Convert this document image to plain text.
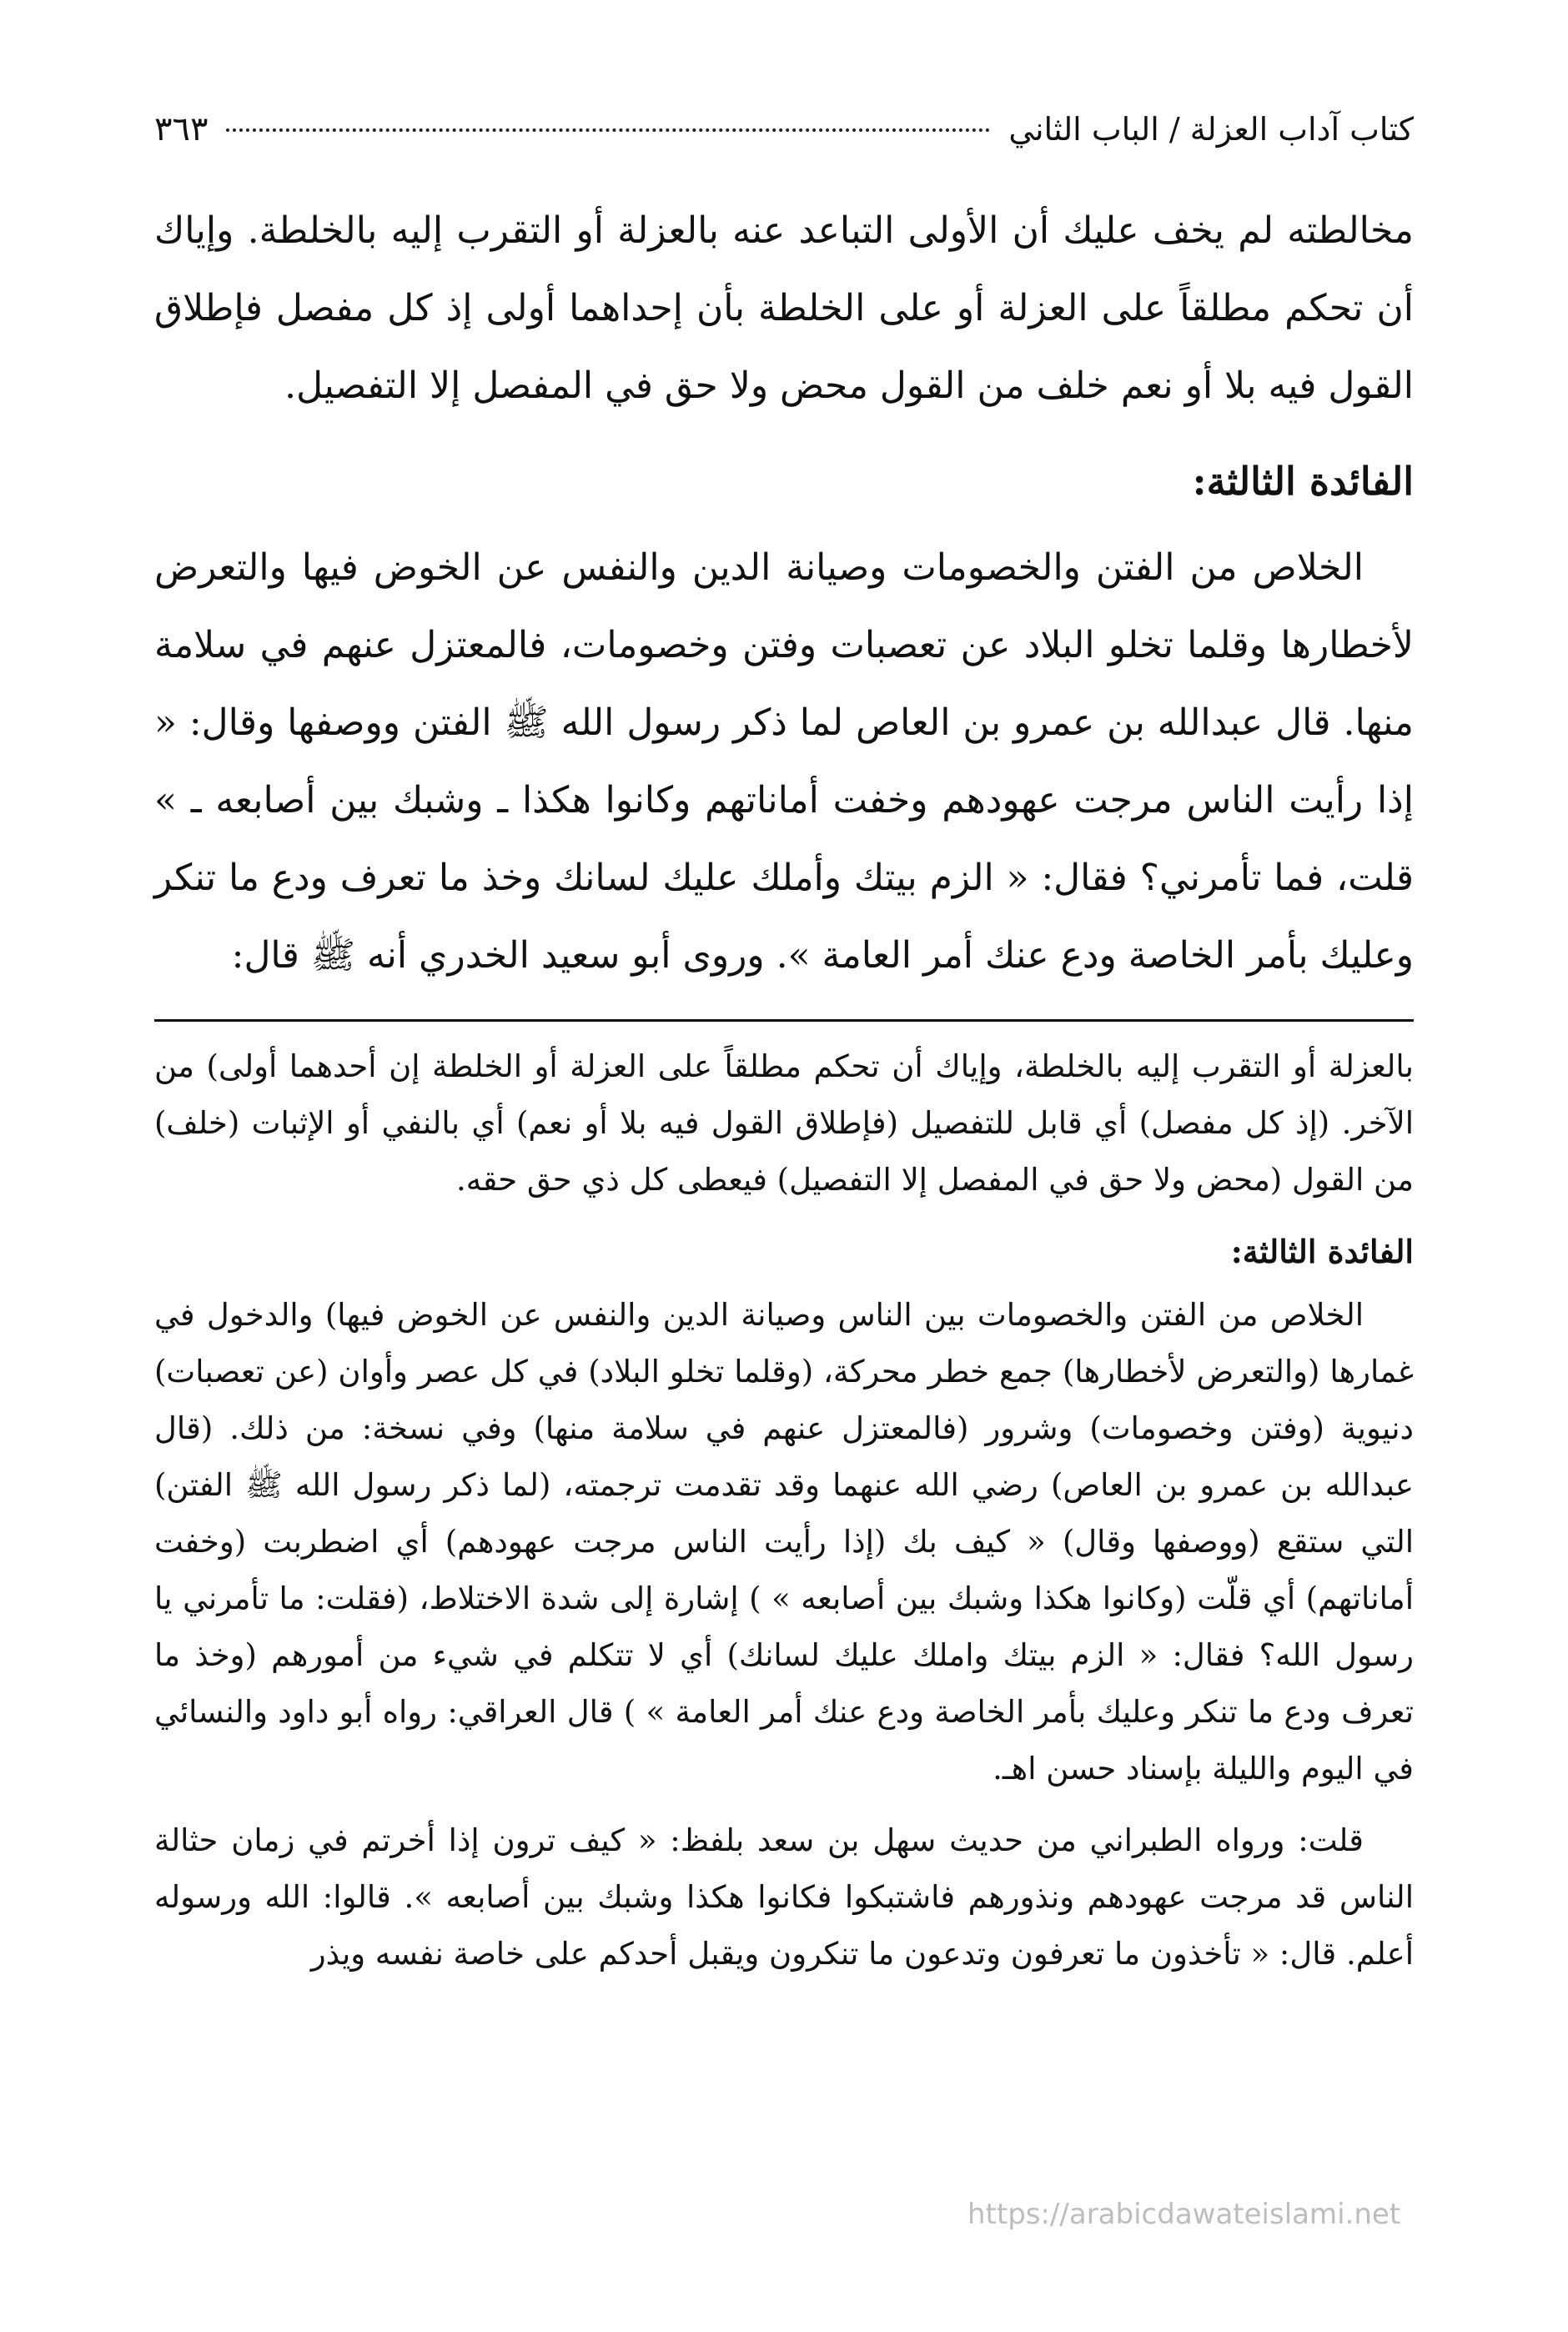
كتاب آداب العزلة / الباب الثاني
٣٦٣

مخالطته لم يخف عليك أن الأولى التباعد عنه بالعزلة أو التقرب إليه بالخلطة. وإياك أن تحكم مطلقاً على العزلة أو على الخلطة بأن إحداهما أولى إذ كل مفصل فإطلاق القول فيه بلا أو نعم خلف من القول محض ولا حق في المفصل إلا التفصيل.

الفائدة الثالثة:

الخلاص من الفتن والخصومات وصيانة الدين والنفس عن الخوض فيها والتعرض لأخطارها وقلما تخلو البلاد عن تعصبات وفتن وخصومات، فالمعتزل عنهم في سلامة منها. قال عبدالله بن عمرو بن العاص لما ذكر رسول الله ﷺ الفتن ووصفها وقال: « إذا رأيت الناس مرجت عهودهم وخفت أماناتهم وكانوا هكذا ـ وشبك بين أصابعه ـ » قلت، فما تأمرني؟ فقال: « الزم بيتك وأملك عليك لسانك وخذ ما تعرف ودع ما تنكر وعليك بأمر الخاصة ودع عنك أمر العامة ». وروى أبو سعيد الخدري أنه ﷺ قال:

بالعزلة أو التقرب إليه بالخلطة، وإياك أن تحكم مطلقاً على العزلة أو الخلطة إن أحدهما أولى) من الآخر. (إذ كل مفصل) أي قابل للتفصيل (فإطلاق القول فيه بلا أو نعم) أي بالنفي أو الإثبات (خلف) من القول (محض ولا حق في المفصل إلا التفصيل) فيعطى كل ذي حق حقه.

الفائدة الثالثة:

الخلاص من الفتن والخصومات بين الناس وصيانة الدين والنفس عن الخوض فيها) والدخول في غمارها (والتعرض لأخطارها) جمع خطر محركة، (وقلما تخلو البلاد) في كل عصر وأوان (عن تعصبات) دنيوية (وفتن وخصومات) وشرور (فالمعتزل عنهم في سلامة منها) وفي نسخة: من ذلك. (قال عبدالله بن عمرو بن العاص) رضي الله عنهما وقد تقدمت ترجمته، (لما ذكر رسول الله ﷺ الفتن) التي ستقع (ووصفها وقال) « كيف بك (إذا رأيت الناس مرجت عهودهم) أي اضطربت (وخفت أماناتهم) أي قلّت (وكانوا هكذا وشبك بين أصابعه » ) إشارة إلى شدة الاختلاط، (فقلت: ما تأمرني يا رسول الله؟ فقال: « الزم بيتك واملك عليك لسانك) أي لا تتكلم في شيء من أمورهم (وخذ ما تعرف ودع ما تنكر وعليك بأمر الخاصة ودع عنك أمر العامة » ) قال العراقي: رواه أبو داود والنسائي في اليوم والليلة بإسناد حسن اهـ.

قلت: ورواه الطبراني من حديث سهل بن سعد بلفظ: « كيف ترون إذا أخرتم في زمان حثالة الناس قد مرجت عهودهم ونذورهم فاشتبكوا فكانوا هكذا وشبك بين أصابعه ». قالوا: الله ورسوله أعلم. قال: « تأخذون ما تعرفون وتدعون ما تنكرون ويقبل أحدكم على خاصة نفسه ويذر

https://arabicdawateislami.net
